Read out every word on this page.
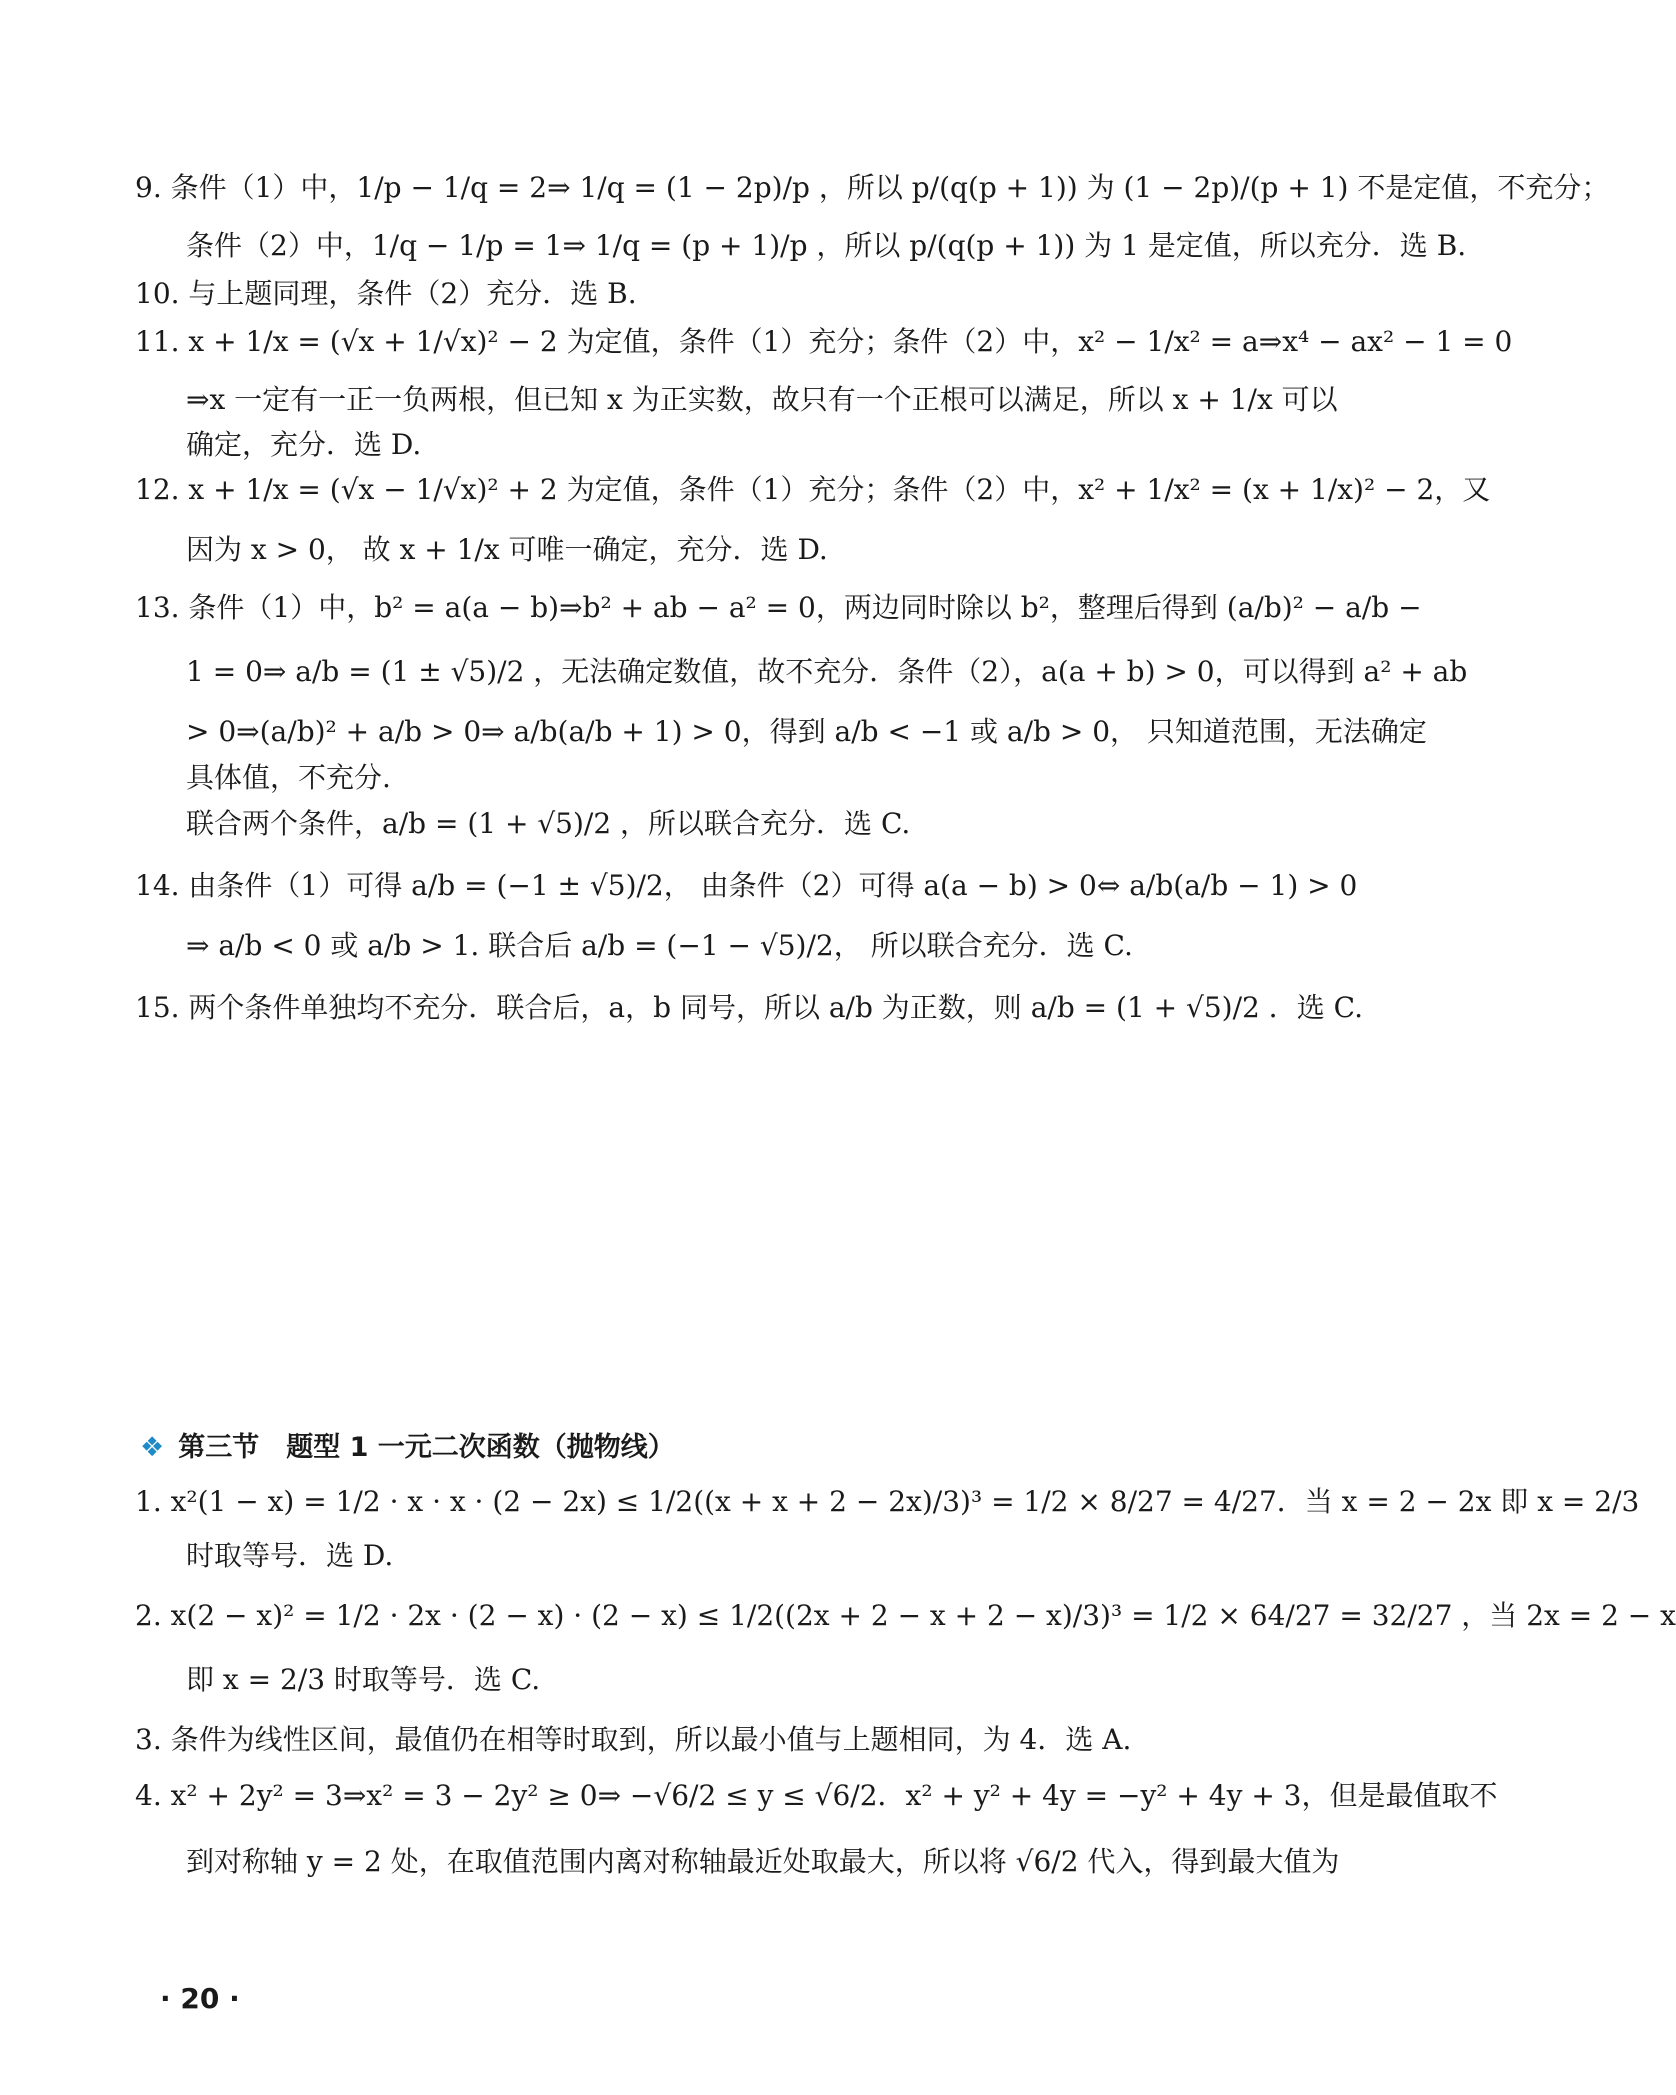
9. 条件（1）中，1/p − 1/q = 2⇒ 1/q = (1 − 2p)/p ，所以 p/(q(p + 1)) 为 (1 − 2p)/(p + 1) 不是定值，不充分；
条件（2）中，1/q − 1/p = 1⇒ 1/q = (p + 1)/p ，所以 p/(q(p + 1)) 为 1 是定值，所以充分．选 B.
10. 与上题同理，条件（2）充分．选 B.
11. x + 1/x = (√x + 1/√x)² − 2 为定值，条件（1）充分；条件（2）中，x² − 1/x² = a⇒x⁴ − ax² − 1 = 0
⇒x 一定有一正一负两根，但已知 x 为正实数，故只有一个正根可以满足，所以 x + 1/x 可以
确定，充分．选 D.
12. x + 1/x = (√x − 1/√x)² + 2 为定值，条件（1）充分；条件（2）中，x² + 1/x² = (x + 1/x)² − 2，又
因为 x > 0， 故 x + 1/x 可唯一确定，充分．选 D.
13. 条件（1）中，b² = a(a − b)⇒b² + ab − a² = 0，两边同时除以 b²，整理后得到 (a/b)² − a/b −
1 = 0⇒ a/b = (1 ± √5)/2 ，无法确定数值，故不充分．条件（2），a(a + b) > 0，可以得到 a² + ab
> 0⇒(a/b)² + a/b > 0⇒ a/b(a/b + 1) > 0，得到 a/b < −1 或 a/b > 0， 只知道范围，无法确定
具体值，不充分.
联合两个条件，a/b = (1 + √5)/2 ，所以联合充分．选 C.
14. 由条件（1）可得 a/b = (−1 ± √5)/2， 由条件（2）可得 a(a − b) > 0⇔ a/b(a/b − 1) > 0
⇒ a/b < 0 或 a/b > 1. 联合后 a/b = (−1 − √5)/2， 所以联合充分．选 C.
15. 两个条件单独均不充分．联合后，a，b 同号，所以 a/b 为正数，则 a/b = (1 + √5)/2 ．选 C.
❖ 第三节　题型 1 一元二次函数（抛物线）
1. x²(1 − x) = 1/2 · x · x · (2 − 2x) ≤ 1/2((x + x + 2 − 2x)/3)³ = 1/2 × 8/27 = 4/27．当 x = 2 − 2x 即 x = 2/3
时取等号．选 D.
2. x(2 − x)² = 1/2 · 2x · (2 − x) · (2 − x) ≤ 1/2((2x + 2 − x + 2 − x)/3)³ = 1/2 × 64/27 = 32/27 ，当 2x = 2 − x
即 x = 2/3 时取等号．选 C.
3. 条件为线性区间，最值仍在相等时取到，所以最小值与上题相同，为 4．选 A.
4. x² + 2y² = 3⇒x² = 3 − 2y² ≥ 0⇒ −√6/2 ≤ y ≤ √6/2．x² + y² + 4y = −y² + 4y + 3，但是最值取不
到对称轴 y = 2 处，在取值范围内离对称轴最近处取最大，所以将 √6/2 代入，得到最大值为
· 20 ·
